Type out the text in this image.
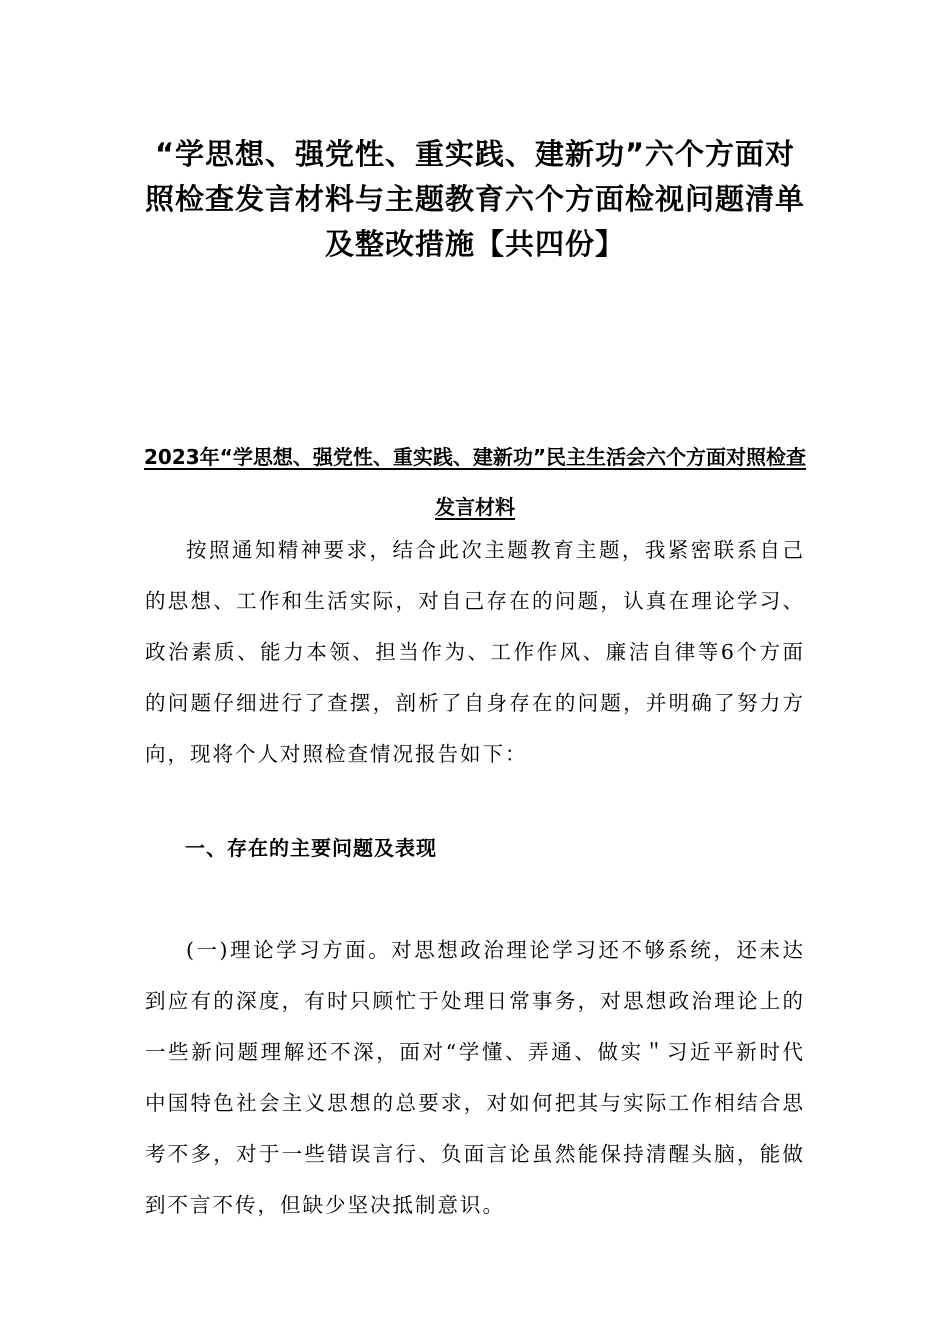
“学思想、强党性、重实践、建新功”六个方面对照检查发言材料与主题教育六个方面检视问题清单及整改措施【共四份】
2023年“学思想、强党性、重实践、建新功”民主生活会六个方面对照检查发言材料

按照通知精神要求，结合此次主题教育主题，我紧密联系自己的思想、工作和生活实际，对自己存在的问题，认真在理论学习、政治素质、能力本领、担当作为、工作作风、廉洁自律等6个方面的问题仔细进行了查摆，剖析了自身存在的问题，并明确了努力方向，现将个人对照检查情况报告如下：

一、存在的主要问题及表现

(一)理论学习方面。对思想政治理论学习还不够系统，还未达到应有的深度，有时只顾忙于处理日常事务，对思想政治理论上的一些新问题理解还不深，面对“学懂、弄通、做实＂习近平新时代中国特色社会主义思想的总要求，对如何把其与实际工作相结合思考不多，对于一些错误言行、负面言论虽然能保持清醒头脑，能做到不言不传，但缺少坚决抵制意识。
